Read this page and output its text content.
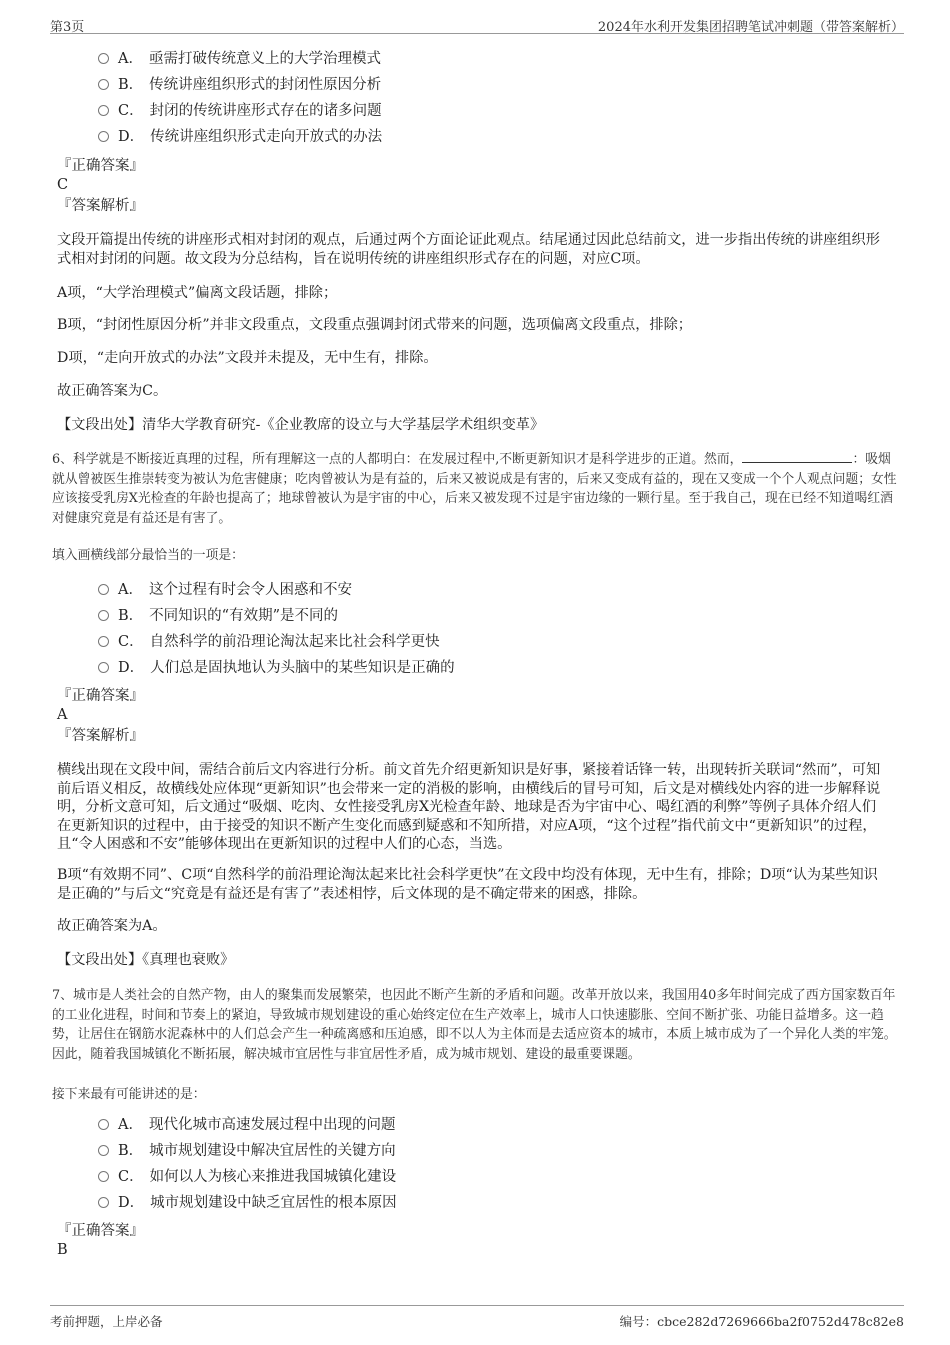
第3页	2024年水利开发集团招聘笔试冲刺题（带答案解析）
A． 亟需打破传统意义上的大学治理模式
B． 传统讲座组织形式的封闭性原因分析
C． 封闭的传统讲座形式存在的诸多问题
D． 传统讲座组织形式走向开放式的办法
『正确答案』
C
『答案解析』
文段开篇提出传统的讲座形式相对封闭的观点，后通过两个方面论证此观点。结尾通过因此总结前文，进一步指出传统的讲座组织形式相对封闭的问题。故文段为分总结构，旨在说明传统的讲座组织形式存在的问题，对应C项。
A项，“大学治理模式”偏离文段话题，排除；
B项，“封闭性原因分析”并非文段重点，文段重点强调封闭式带来的问题，选项偏离文段重点，排除；
D项，“走向开放式的办法”文段并未提及，无中生有，排除。
故正确答案为C。
【文段出处】清华大学教育研究-《企业教席的设立与大学基层学术组织变革》
6、科学就是不断接近真理的过程，所有理解这一点的人都明白：在发展过程中,不断更新知识才是科学进步的正道。然而，	：吸烟就从曾被医生推崇转变为被认为危害健康；吃肉曾被认为是有益的，后来又被说成是有害的，后来又变成有益的，现在又变成一个个人观点问题；女性应该接受乳房X光检查的年龄也提高了；地球曾被认为是宇宙的中心，后来又被发现不过是宇宙边缘的一颗行星。至于我自己，现在已经不知道喝红酒对健康究竟是有益还是有害了。
填入画横线部分最恰当的一项是：
A． 这个过程有时会令人困惑和不安
B． 不同知识的“有效期”是不同的
C． 自然科学的前沿理论淘汰起来比社会科学更快
D． 人们总是固执地认为头脑中的某些知识是正确的
『正确答案』
A
『答案解析』
横线出现在文段中间，需结合前后文内容进行分析。前文首先介绍更新知识是好事，紧接着话锋一转，出现转折关联词“然而”，可知前后语义相反，故横线处应体现“更新知识”也会带来一定的消极的影响，由横线后的冒号可知，后文是对横线处内容的进一步解释说明，分析文意可知，后文通过“吸烟、吃肉、女性接受乳房X光检查年龄、地球是否为宇宙中心、喝红酒的利弊”等例子具体介绍人们在更新知识的过程中，由于接受的知识不断产生变化而感到疑惑和不知所措，对应A项，“这个过程”指代前文中“更新知识”的过程，且“令人困惑和不安”能够体现出在更新知识的过程中人们的心态，当选。
B项“有效期不同”、C项“自然科学的前沿理论淘汰起来比社会科学更快”在文段中均没有体现，无中生有，排除；D项“认为某些知识是正确的”与后文“究竟是有益还是有害了”表述相悖，后文体现的是不确定带来的困惑，排除。
故正确答案为A。
【文段出处】《真理也衰败》
7、城市是人类社会的自然产物，由人的聚集而发展繁荣，也因此不断产生新的矛盾和问题。改革开放以来，我国用40多年时间完成了西方国家数百年的工业化进程，时间和节奏上的紧迫，导致城市规划建设的重心始终定位在生产效率上，城市人口快速膨胀、空间不断扩张、功能日益增多。这一趋势，让居住在钢筋水泥森林中的人们总会产生一种疏离感和压迫感，即不以人为主体而是去适应资本的城市，本质上城市成为了一个异化人类的牢笼。因此，随着我国城镇化不断拓展，解决城市宜居性与非宜居性矛盾，成为城市规划、建设的最重要课题。
接下来最有可能讲述的是：
A． 现代化城市高速发展过程中出现的问题
B． 城市规划建设中解决宜居性的关键方向
C． 如何以人为核心来推进我国城镇化建设
D． 城市规划建设中缺乏宜居性的根本原因
『正确答案』
B
考前押题，上岸必备	编号：cbce282d7269666ba2f0752d478c82e8
